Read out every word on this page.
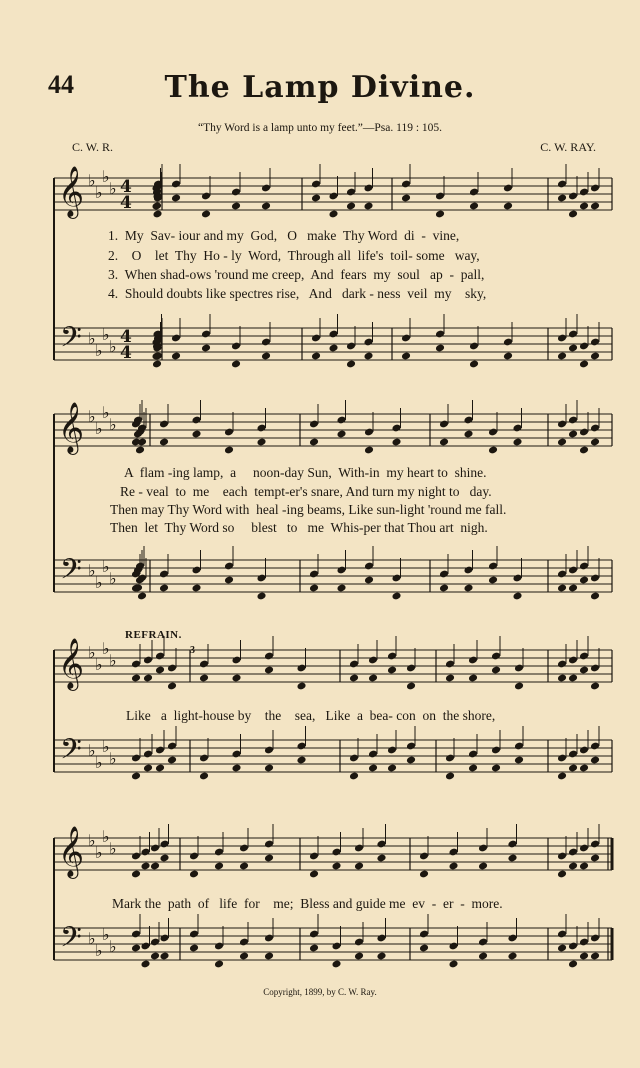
44	The Lamp Divine.
“Thy Word is a lamp unto my feet.”—Psa. 119 : 105.
C. W. R.	C. W. RAY.
𝄞
𝄢
♭
♭
♭
♭
♭
♭
♭
♭
4
4
4
4
𝄞
𝄢
♭
♭
♭
♭
♭
♭
♭
♭
𝄞
𝄢
♭
♭
♭
♭
♭
♭
♭
♭
𝄞
𝄢
♭
♭
♭
♭
♭
♭
♭
♭
1.  My  Sav- iour and my  God,   O   make  Thy Word  di  -  vine,
2.    O    let  Thy  Ho - ly  Word,  Through all  life's  toil- some   way,
3.  When shad-ows 'round me creep,  And  fears  my  soul   ap  -  pall,
4.  Should doubts like spectres rise,   And   dark - ness  veil  my    sky,
A  flam -ing lamp,  a     noon-day Sun,  With-in  my heart to  shine.
Re - veal  to  me    each  tempt-er's snare, And turn my night to   day.
Then may Thy Word with  heal -ing beams, Like sun-light 'round me fall.
Then  let  Thy Word so     blest   to   me  Whis-per that Thou art  nigh.
REFRAIN.
Like   a  light-house by    the    sea,   Like  a  bea- con  on  the shore,
Mark the  path  of   life  for    me;  Bless and guide me  ev  -  er  -  more.
3
Copyright, 1899, by C. W. Ray.
